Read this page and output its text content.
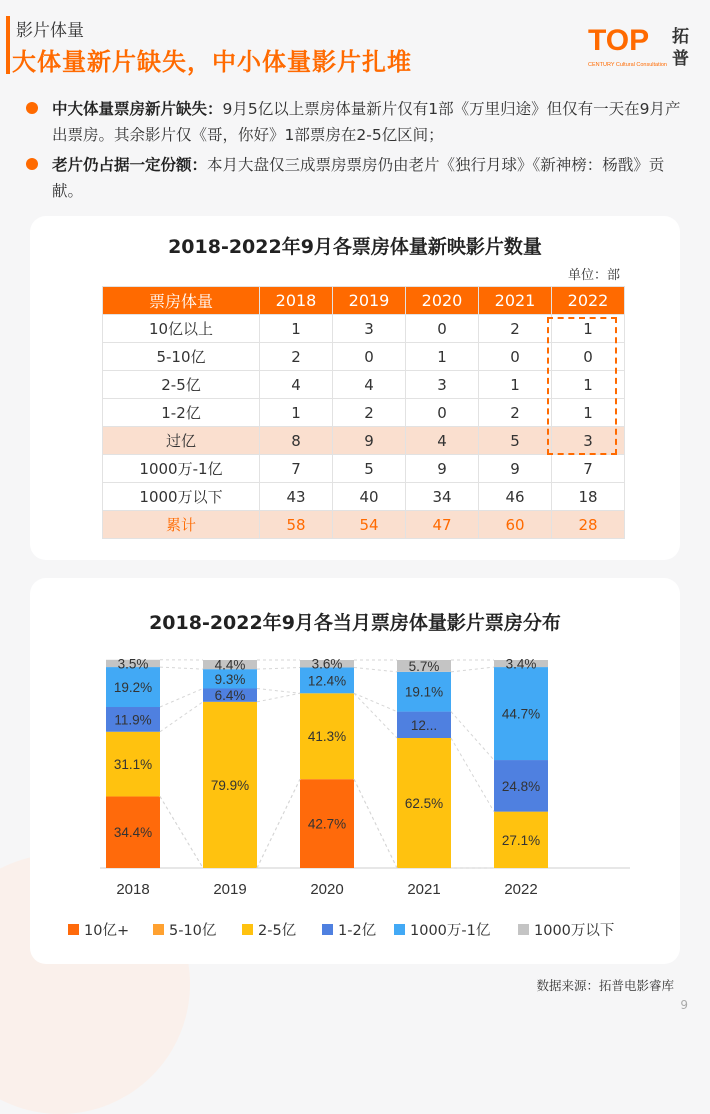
影片体量
大体量新片缺失，中小体量影片扎堆
TOP 拓
普
CENTURY Cultural Consultation
中大体量票房新片缺失：9月5亿以上票房体量新片仅有1部《万里归途》但仅有一天在9月产出票房。其余影片仅《哥，你好》1部票房在2-5亿区间；
老片仍占据一定份额：本月大盘仅三成票房票房仍由老片《独行月球》《新神榜：杨戬》贡献。
2018-2022年9月各票房体量新映影片数量
单位：部
票房体量	2018	2019	2020	2021	2022
10亿以上	1	3	0	2	1
5-10亿	2	0	1	0	0
2-5亿	4	4	3	1	1
1-2亿	1	2	0	2	1
过亿	8	9	4	5	3
1000万-1亿	7	5	9	9	7
1000万以下	43	40	34	46	18
累计	58	54	47	60	28
2018-2022年9月各当月票房体量影片票房分布
34.4%
31.1%
11.9%
19.2%
3.5%
2018
79.9%
6.4%
9.3%
4.4%
2019
42.7%
41.3%
12.4%
3.6%
2020
62.5%
12...
19.1%
5.7%
2021
27.1%
24.8%
44.7%
3.4%
2022
10亿+	5-10亿	2-5亿	1-2亿 1000万-1亿	1000万以下
数据来源：拓普电影睿库
9
